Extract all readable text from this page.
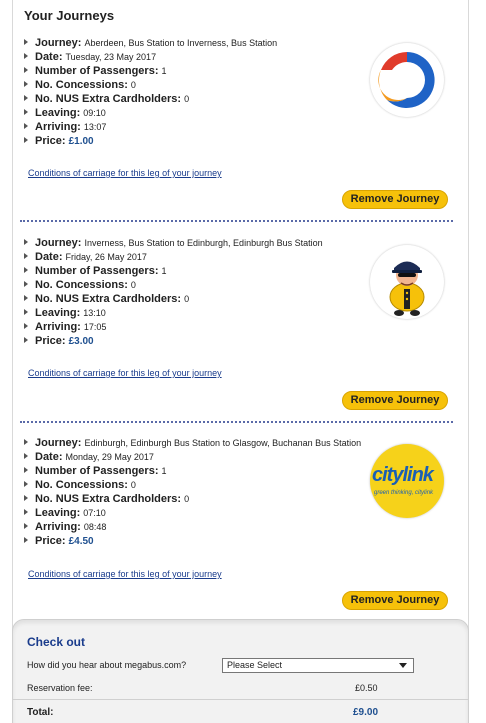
Your Journeys
Journey: Aberdeen, Bus Station to Inverness, Bus Station
Date: Tuesday, 23 May 2017
Number of Passengers: 1
No. Concessions: 0
No. NUS Extra Cardholders: 0
Leaving: 09:10
Arriving: 13:07
Price: £1.00
Conditions of carriage for this leg of your journey
Remove Journey
Journey: Inverness, Bus Station to Edinburgh, Edinburgh Bus Station
Date: Friday, 26 May 2017
Number of Passengers: 1
No. Concessions: 0
No. NUS Extra Cardholders: 0
Leaving: 13:10
Arriving: 17:05
Price: £3.00
Conditions of carriage for this leg of your journey
Remove Journey
Journey: Edinburgh, Edinburgh Bus Station to Glasgow, Buchanan Bus Station
Date: Monday, 29 May 2017
Number of Passengers: 1
No. Concessions: 0
No. NUS Extra Cardholders: 0
Leaving: 07:10
Arriving: 08:48
Price: £4.50
citylink
green thinking, citylink
Conditions of carriage for this leg of your journey
Remove Journey
Check out
How did you hear about megabus.com?	Please Select
Reservation fee:	£0.50
Total:	£9.00
